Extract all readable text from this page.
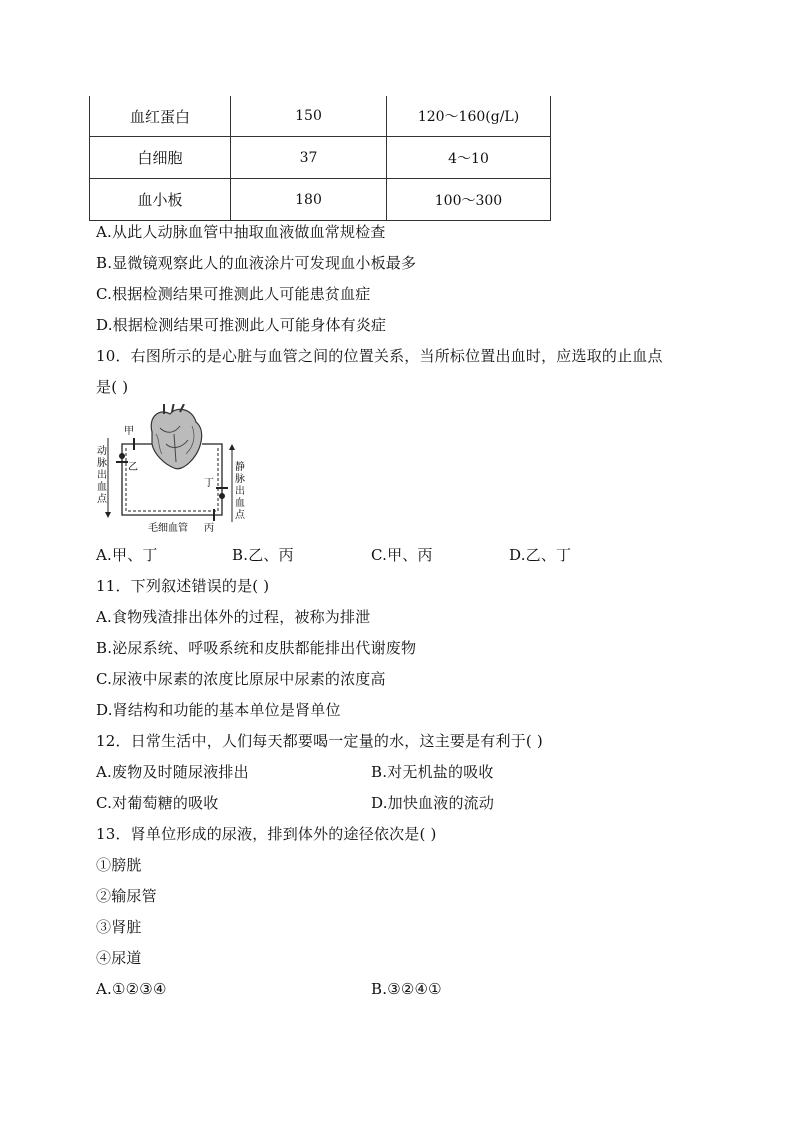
血红蛋白	150	120～160(g/L)
白细胞	37	4～10
血小板	180	100～300
A.从此人动脉血管中抽取血液做血常规检查
B.显微镜观察此人的血液涂片可发现血小板最多
C.根据检测结果可推测此人可能患贫血症
D.根据检测结果可推测此人可能身体有炎症
10．右图所示的是心脏与血管之间的位置关系，当所标位置出血时，应选取的止血点
是( )
甲
乙
丁
丙
毛细血管
动脉出血点
静脉出血点
A.甲、丁	B.乙、丙	C.甲、丙	D.乙、丁
11．下列叙述错误的是( )
A.食物残渣排出体外的过程，被称为排泄
B.泌尿系统、呼吸系统和皮肤都能排出代谢废物
C.尿液中尿素的浓度比原尿中尿素的浓度高
D.肾结构和功能的基本单位是肾单位
12．日常生活中，人们每天都要喝一定量的水，这主要是有利于( )
A.废物及时随尿液排出	B.对无机盐的吸收
C.对葡萄糖的吸收	D.加快血液的流动
13．肾单位形成的尿液，排到体外的途径依次是( )
①膀胱
②输尿管
③肾脏
④尿道
A.①②③④	B.③②④①
